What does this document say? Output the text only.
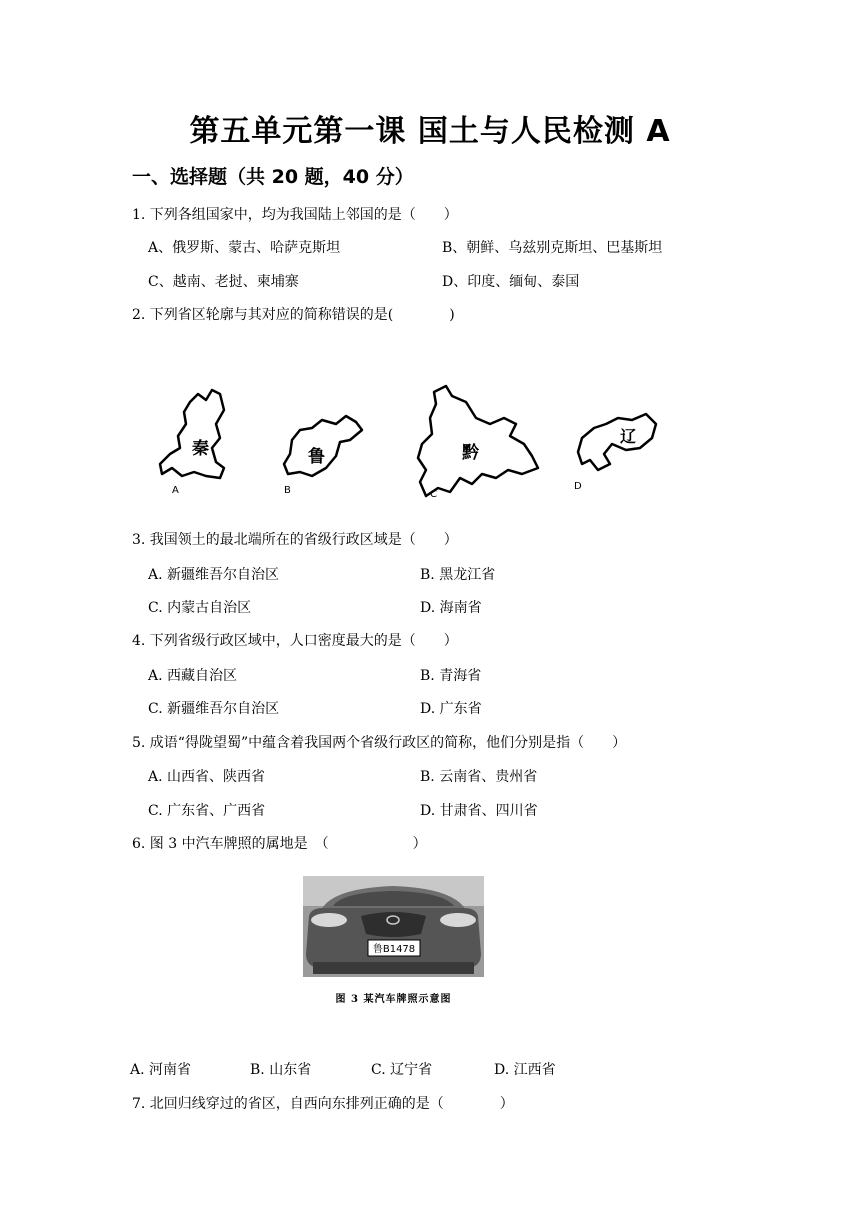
第五单元第一课 国土与人民检测 A
一、选择题（共 20 题，40 分）
1. 下列各组国家中，均为我国陆上邻国的是（　　）
A、俄罗斯、蒙古、哈萨克斯坦	B、朝鲜、乌兹别克斯坦、巴基斯坦
C、越南、老挝、柬埔寨	D、印度、缅甸、泰国
2. 下列省区轮廓与其对应的简称错误的是(　　　　)
秦
A
鲁
B
黔
C
辽
D
3. 我国领土的最北端所在的省级行政区域是（　　）
A. 新疆维吾尔自治区	B. 黑龙江省
C. 内蒙古自治区	D. 海南省
4. 下列省级行政区域中，人口密度最大的是（　　）
A. 西藏自治区	B. 青海省
C. 新疆维吾尔自治区	D. 广东省
5. 成语“得陇望蜀”中蕴含着我国两个省级行政区的简称，他们分别是指（　　）
A. 山西省、陕西省	B. 云南省、贵州省
C. 广东省、广西省	D. 甘肃省、四川省
6. 图 3 中汽车牌照的属地是　（　　　　　　）
鲁B1478
图 3 某汽车牌照示意图
A. 河南省	B. 山东省	C. 辽宁省	D. 江西省
7. 北回归线穿过的省区，自西向东排列正确的是（　　　　）
